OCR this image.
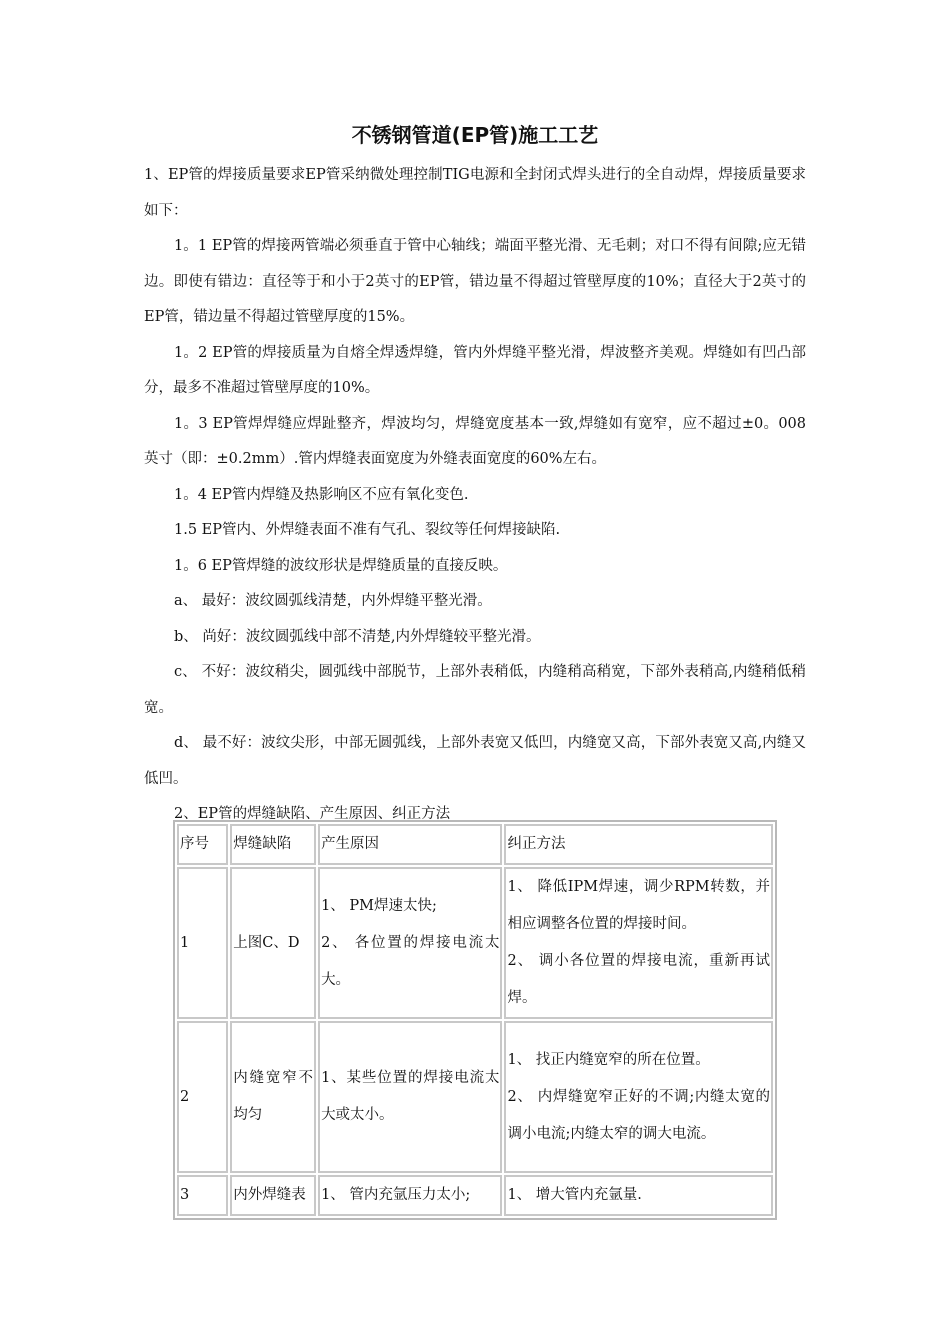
不锈钢管道(EP管)施工工艺

1、EP管的焊接质量要求EP管采纳微处理控制TIG电源和全封闭式焊头进行的全自动焊，焊接质量要求如下：

1。1 EP管的焊接两管端必须垂直于管中心轴线；端面平整光滑、无毛刺；对口不得有间隙;应无错边。即使有错边：直径等于和小于2英寸的EP管，错边量不得超过管壁厚度的10%；直径大于2英寸的EP管，错边量不得超过管壁厚度的15%。

1。2 EP管的焊接质量为自熔全焊透焊缝，管内外焊缝平整光滑，焊波整齐美观。焊缝如有凹凸部分，最多不准超过管壁厚度的10%。

1。3 EP管焊焊缝应焊趾整齐，焊波均匀，焊缝宽度基本一致,焊缝如有宽窄，应不超过±0。008英寸（即：±0.2mm）.管内焊缝表面宽度为外缝表面宽度的60%左右。

1。4 EP管内焊缝及热影响区不应有氧化变色.

1.5 EP管内、外焊缝表面不准有气孔、裂纹等任何焊接缺陷.

1。6 EP管焊缝的波纹形状是焊缝质量的直接反映。

a、 最好：波纹圆弧线清楚，内外焊缝平整光滑。

b、 尚好：波纹圆弧线中部不清楚,内外焊缝较平整光滑。

c、 不好：波纹稍尖，圆弧线中部脱节，上部外表稍低，内缝稍高稍宽，下部外表稍高,内缝稍低稍宽。

d、 最不好：波纹尖形，中部无圆弧线，上部外表宽又低凹，内缝宽又高，下部外表宽又高,内缝又低凹。

2、EP管的焊缝缺陷、产生原因、纠正方法

序号	焊缝缺陷	产生原因	纠正方法
1	上图C、D	1、 PM焊速太快;
2、 各位置的焊接电流太大。	1、 降低IPM焊速，调少RPM转数，并相应调整各位置的焊接时间。
2、 调小各位置的焊接电流，重新再试焊。

2	内缝宽窄不均匀	1、某些位置的焊接电流太大或太小。	1、 找正内缝宽窄的所在位置。
2、 内焊缝宽窄正好的不调;内缝太宽的调小电流;内缝太窄的调大电流。

3	内外焊缝表	1、 管内充氩压力太小;	1、 增大管内充氩量.
